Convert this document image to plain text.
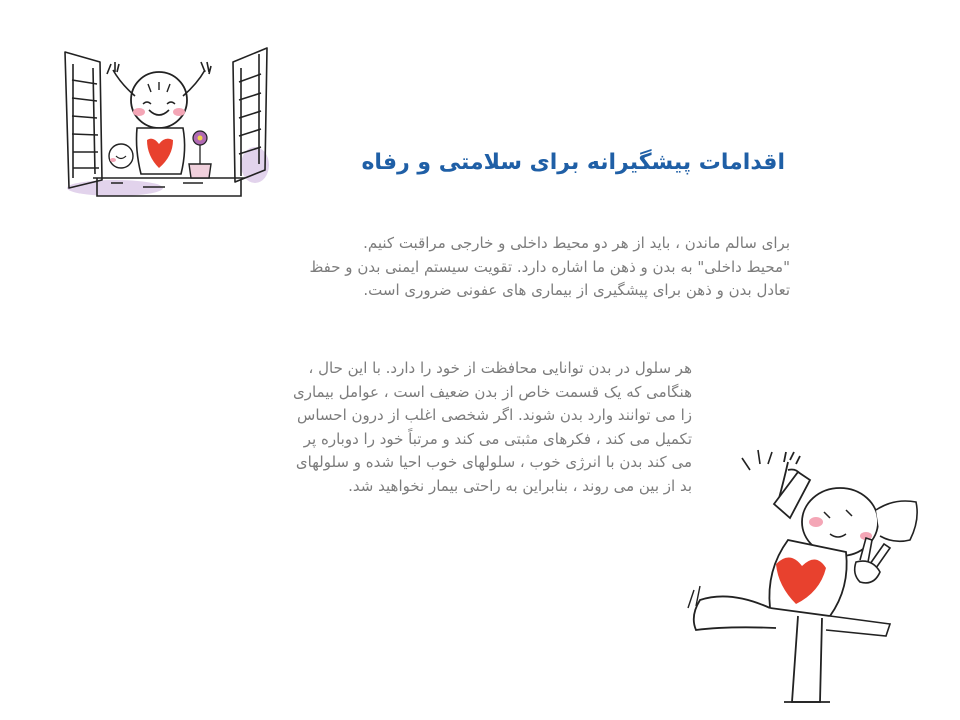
اقدامات پیشگیرانه برای سلامتی و رفاه
برای سالم ماندن ، باید از هر دو محیط داخلی و خارجی مراقبت کنیم.
"محیط داخلی" به بدن و ذهن ما اشاره دارد. تقویت سیستم ایمنی بدن و حفظ
تعادل بدن و ذهن برای پیشگیری از بیماری های عفونی ضروری است.
هر سلول در بدن توانایی محافظت از خود را دارد. با این حال ،
هنگامی که یک قسمت خاص از بدن ضعیف است ، عوامل بیماری
زا می توانند وارد بدن شوند. اگر شخصی اغلب از درون احساس
تکمیل می کند ، فکرهای مثبتی می کند و مرتباً خود را دوباره پر
می کند بدن با انرژی خوب ، سلولهای خوب احیا شده و سلولهای
بد از بین می روند ، بنابراین به راحتی بیمار نخواهید شد.
